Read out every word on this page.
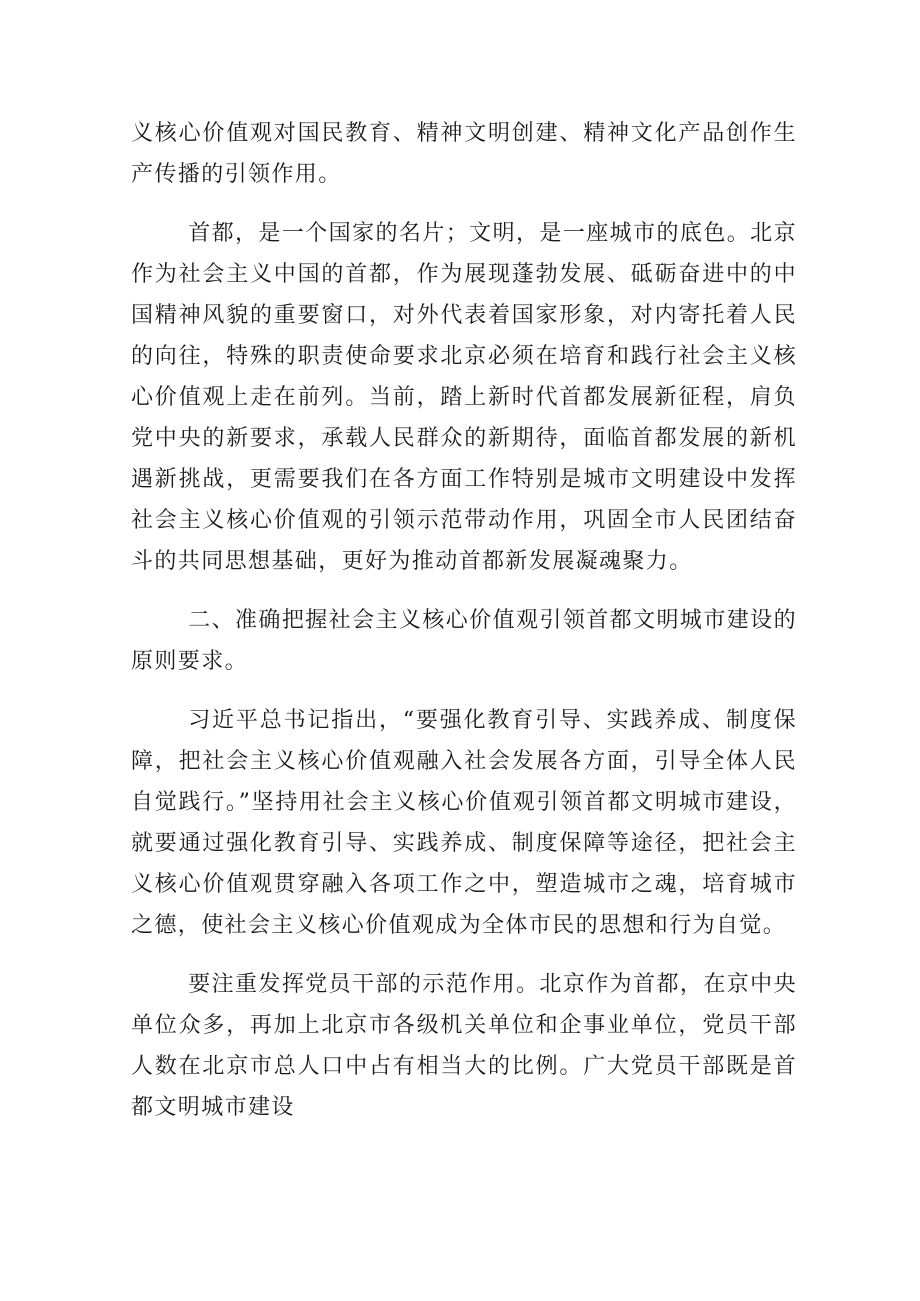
义核心价值观对国民教育、精神文明创建、精神文化产品创作生产传播的引领作用。

首都，是一个国家的名片；文明，是一座城市的底色。北京作为社会主义中国的首都，作为展现蓬勃发展、砥砺奋进中的中国精神风貌的重要窗口，对外代表着国家形象，对内寄托着人民的向往，特殊的职责使命要求北京必须在培育和践行社会主义核心价值观上走在前列。当前，踏上新时代首都发展新征程，肩负党中央的新要求，承载人民群众的新期待，面临首都发展的新机遇新挑战，更需要我们在各方面工作特别是城市文明建设中发挥社会主义核心价值观的引领示范带动作用，巩固全市人民团结奋斗的共同思想基础，更好为推动首都新发展凝魂聚力。

二、准确把握社会主义核心价值观引领首都文明城市建设的原则要求。

习近平总书记指出，“要强化教育引导、实践养成、制度保障，把社会主义核心价值观融入社会发展各方面，引导全体人民自觉践行。”坚持用社会主义核心价值观引领首都文明城市建设，就要通过强化教育引导、实践养成、制度保障等途径，把社会主义核心价值观贯穿融入各项工作之中，塑造城市之魂，培育城市之德，使社会主义核心价值观成为全体市民的思想和行为自觉。

要注重发挥党员干部的示范作用。北京作为首都，在京中央单位众多，再加上北京市各级机关单位和企事业单位，党员干部人数在北京市总人口中占有相当大的比例。广大党员干部既是首都文明城市建设
